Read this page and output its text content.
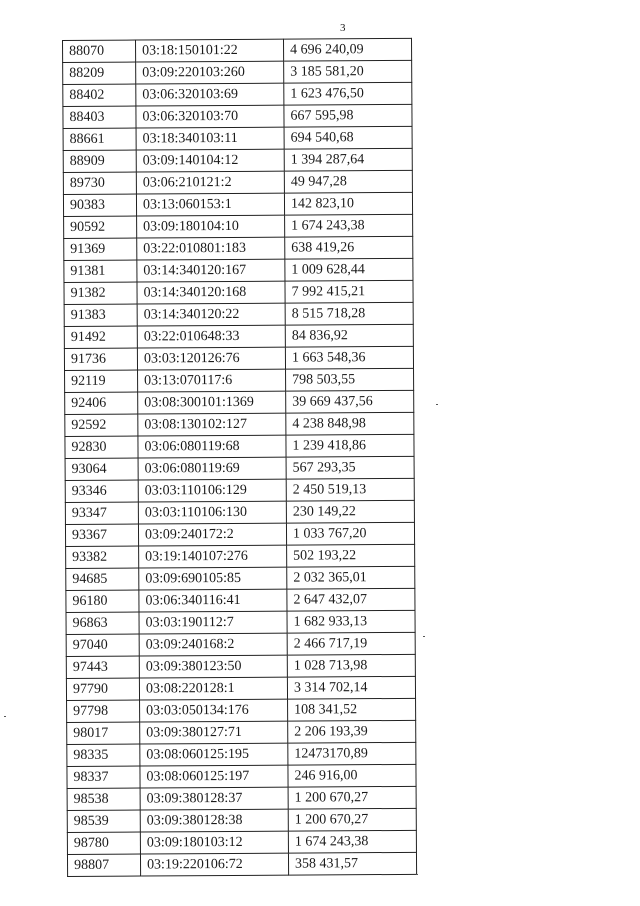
3
88070	03:18:150101:22	4 696 240,09
88209	03:09:220103:260	3 185 581,20
88402	03:06:320103:69	1 623 476,50
88403	03:06:320103:70	667 595,98
88661	03:18:340103:11	694 540,68
88909	03:09:140104:12	1 394 287,64
89730	03:06:210121:2	49 947,28
90383	03:13:060153:1	142 823,10
90592	03:09:180104:10	1 674 243,38
91369	03:22:010801:183	638 419,26
91381	03:14:340120:167	1 009 628,44
91382	03:14:340120:168	7 992 415,21
91383	03:14:340120:22	8 515 718,28
91492	03:22:010648:33	84 836,92
91736	03:03:120126:76	1 663 548,36
92119	03:13:070117:6	798 503,55
92406	03:08:300101:1369	39 669 437,56
92592	03:08:130102:127	4 238 848,98
92830	03:06:080119:68	1 239 418,86
93064	03:06:080119:69	567 293,35
93346	03:03:110106:129	2 450 519,13
93347	03:03:110106:130	230 149,22
93367	03:09:240172:2	1 033 767,20
93382	03:19:140107:276	502 193,22
94685	03:09:690105:85	2 032 365,01
96180	03:06:340116:41	2 647 432,07
96863	03:03:190112:7	1 682 933,13
97040	03:09:240168:2	2 466 717,19
97443	03:09:380123:50	1 028 713,98
97790	03:08:220128:1	3 314 702,14
97798	03:03:050134:176	108 341,52
98017	03:09:380127:71	2 206 193,39
98335	03:08:060125:195	12473170,89
98337	03:08:060125:197	246 916,00
98538	03:09:380128:37	1 200 670,27
98539	03:09:380128:38	1 200 670,27
98780	03:09:180103:12	1 674 243,38
98807	03:19:220106:72	358 431,57
